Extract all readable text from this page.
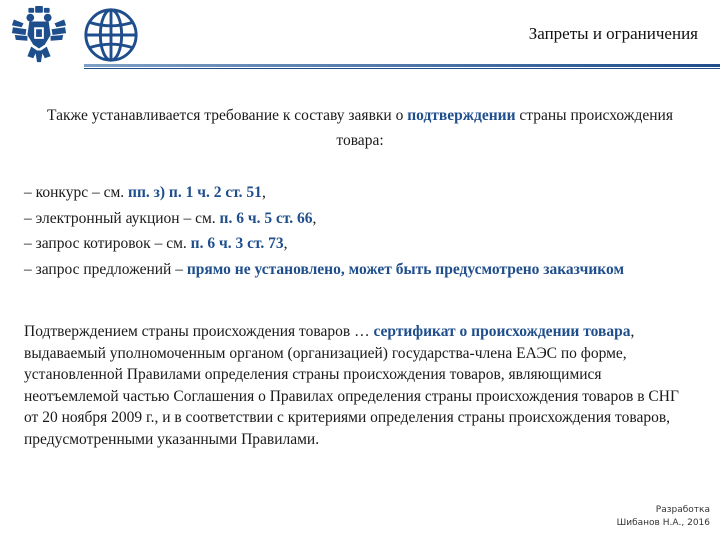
Запреты и ограничения
Также устанавливается требование к составу заявки о подтверждении страны происхождения товара:
– конкурс – см. пп. з) п. 1 ч. 2 ст. 51,
– электронный аукцион – см. п. 6 ч. 5 ст. 66,
– запрос котировок – см. п. 6 ч. 3 ст. 73,
– запрос предложений – прямо не установлено, может быть предусмотрено заказчиком
Подтверждением страны происхождения товаров … сертификат о происхождении товара, выдаваемый уполномоченным органом (организацией) государства-члена ЕАЭС по форме, установленной Правилами определения страны происхождения товаров, являющимися неотъемлемой частью Соглашения о Правилах определения страны происхождения товаров в СНГ от 20 ноября 2009 г., и в соответствии с критериями определения страны происхождения товаров, предусмотренными указанными Правилами.
Разработка
Шибанов Н.А., 2016
